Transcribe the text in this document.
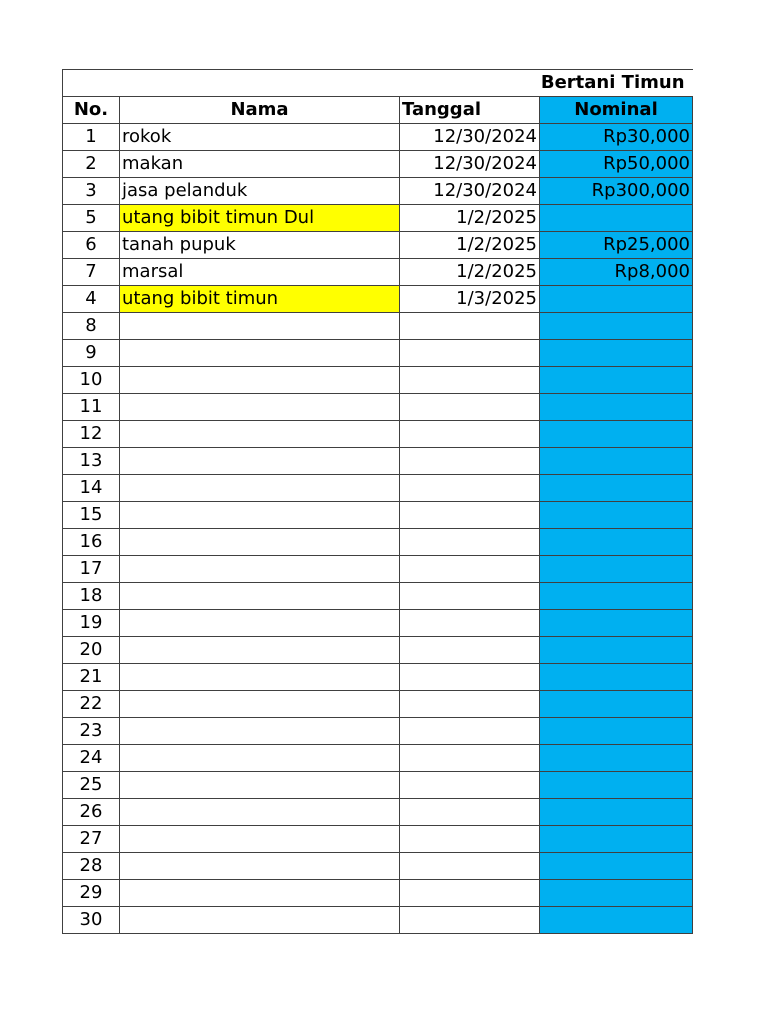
Bertani Timun			
No.	Nama	Tanggal	Nominal
1	rokok	12/30/2024	Rp30,000
2	makan	12/30/2024	Rp50,000
3	jasa pelanduk	12/30/2024	Rp300,000
5	utang bibit timun Dul	1/2/2025	
6	tanah pupuk	1/2/2025	Rp25,000
7	marsal	1/2/2025	Rp8,000
4	utang bibit timun	1/3/2025	
8			
9			
10			
11			
12			
13			
14			
15			
16			
17			
18			
19			
20			
21			
22			
23			
24			
25			
26			
27			
28			
29			
30			
